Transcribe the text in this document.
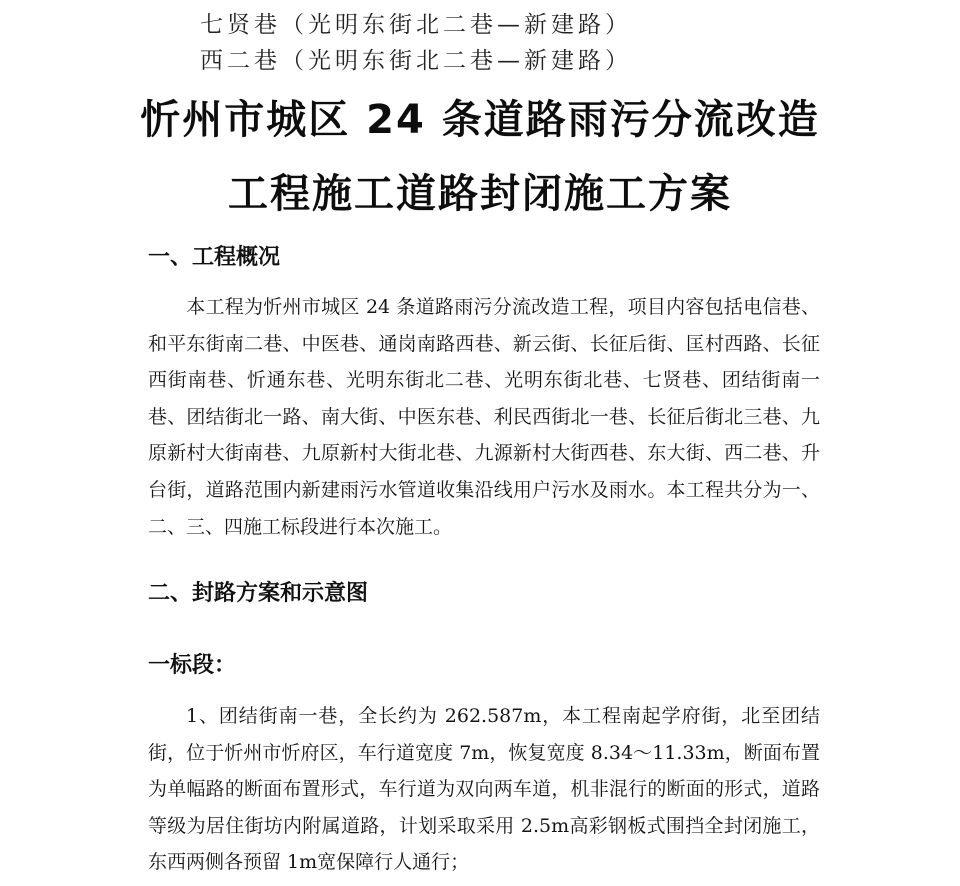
七贤巷（光明东街北二巷—新建路）
西二巷（光明东街北二巷—新建路）
忻州市城区 24 条道路雨污分流改造
工程施工道路封闭施工方案
一、工程概况
本工程为忻州市城区 24 条道路雨污分流改造工程，项目内容包括电信巷、和平东街南二巷、中医巷、通岗南路西巷、新云街、长征后街、匡村西路、长征西街南巷、忻通东巷、光明东街北二巷、光明东街北巷、七贤巷、团结街南一巷、团结街北一路、南大街、中医东巷、利民西街北一巷、长征后街北三巷、九原新村大街南巷、九原新村大街北巷、九源新村大街西巷、东大街、西二巷、升台街，道路范围内新建雨污水管道收集沿线用户污水及雨水。本工程共分为一、二、三、四施工标段进行本次施工。
二、封路方案和示意图
一标段：
1、团结街南一巷，全长约为 262.587m，本工程南起学府街，北至团结街，位于忻州市忻府区，车行道宽度 7m，恢复宽度 8.34～11.33m，断面布置为单幅路的断面布置形式，车行道为双向两车道，机非混行的断面的形式，道路等级为居住街坊内附属道路，计划采取采用 2.5m高彩钢板式围挡全封闭施工，东西两侧各预留 1m宽保障行人通行；
